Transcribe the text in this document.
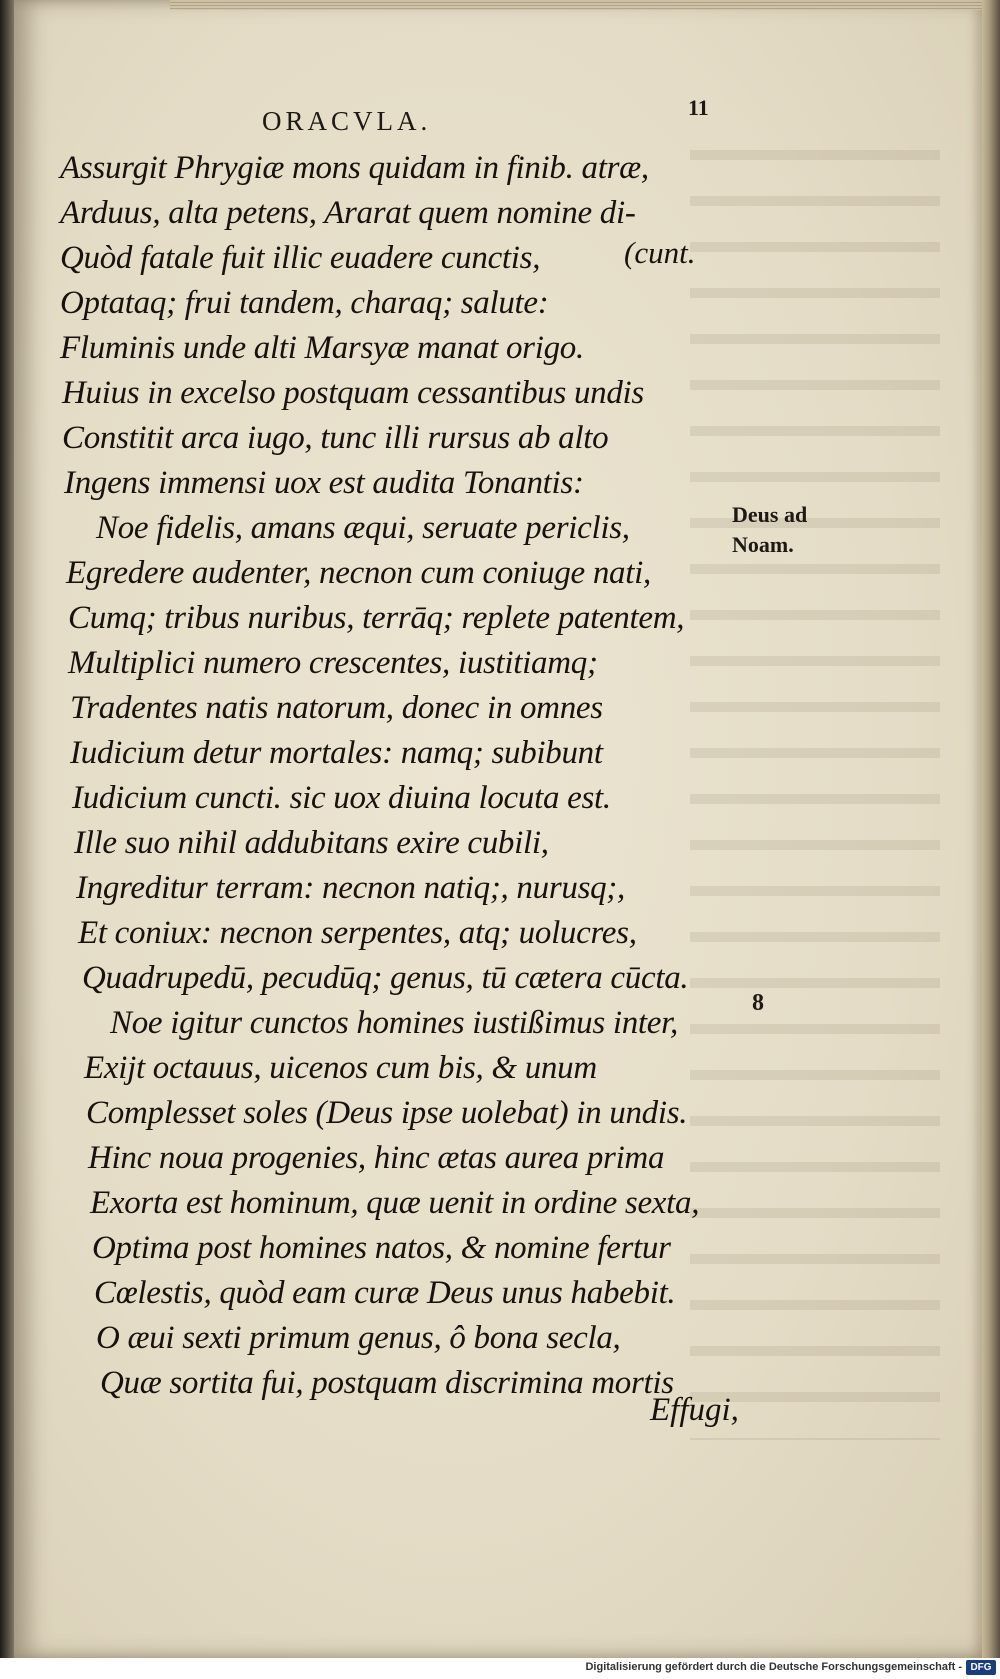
ORACVLA.	11
Assurgit Phrygiæ mons quidam in finib. atræ,
Arduus, alta petens, Ararat quem nomine di-
Quòd fatale fuit illic euadere cunctis,
Optataq; frui tandem, charaq; salute:
Fluminis unde alti Marsyæ manat origo.
Huius in excelso postquam cessantibus undis
Constitit arca iugo, tunc illi rursus ab alto
Ingens immensi uox est audita Tonantis:
Noe fidelis, amans æqui, seruate periclis,
Egredere audenter, necnon cum coniuge nati,
Cumq; tribus nuribus, terrāq; replete patentem,
Multiplici numero crescentes, iustitiamq;
Tradentes natis natorum, donec in omnes
Iudicium detur mortales: namq; subibunt
Iudicium cuncti. sic uox diuina locuta est.
Ille suo nihil addubitans exire cubili,
Ingreditur terram: necnon natiq;, nurusq;,
Et coniux: necnon serpentes, atq; uolucres,
Quadrupedū, pecudūq; genus, tū cætera cūcta.
Noe igitur cunctos homines iustißimus inter,
Exijt octauus, uicenos cum bis, & unum
Complesset soles (Deus ipse uolebat) in undis.
Hinc noua progenies, hinc ætas aurea prima
Exorta est hominum, quæ uenit in ordine sexta,
Optima post homines natos, & nomine fertur
Cœlestis, quòd eam curæ Deus unus habebit.
O æui sexti primum genus, ô bona secla,
Quæ sortita fui, postquam discrimina mortis
(cunt.
Effugi,
Deus ad
Noam.
8
Digitalisierung gefördert durch die Deutsche Forschungsgemeinschaft - DFG
